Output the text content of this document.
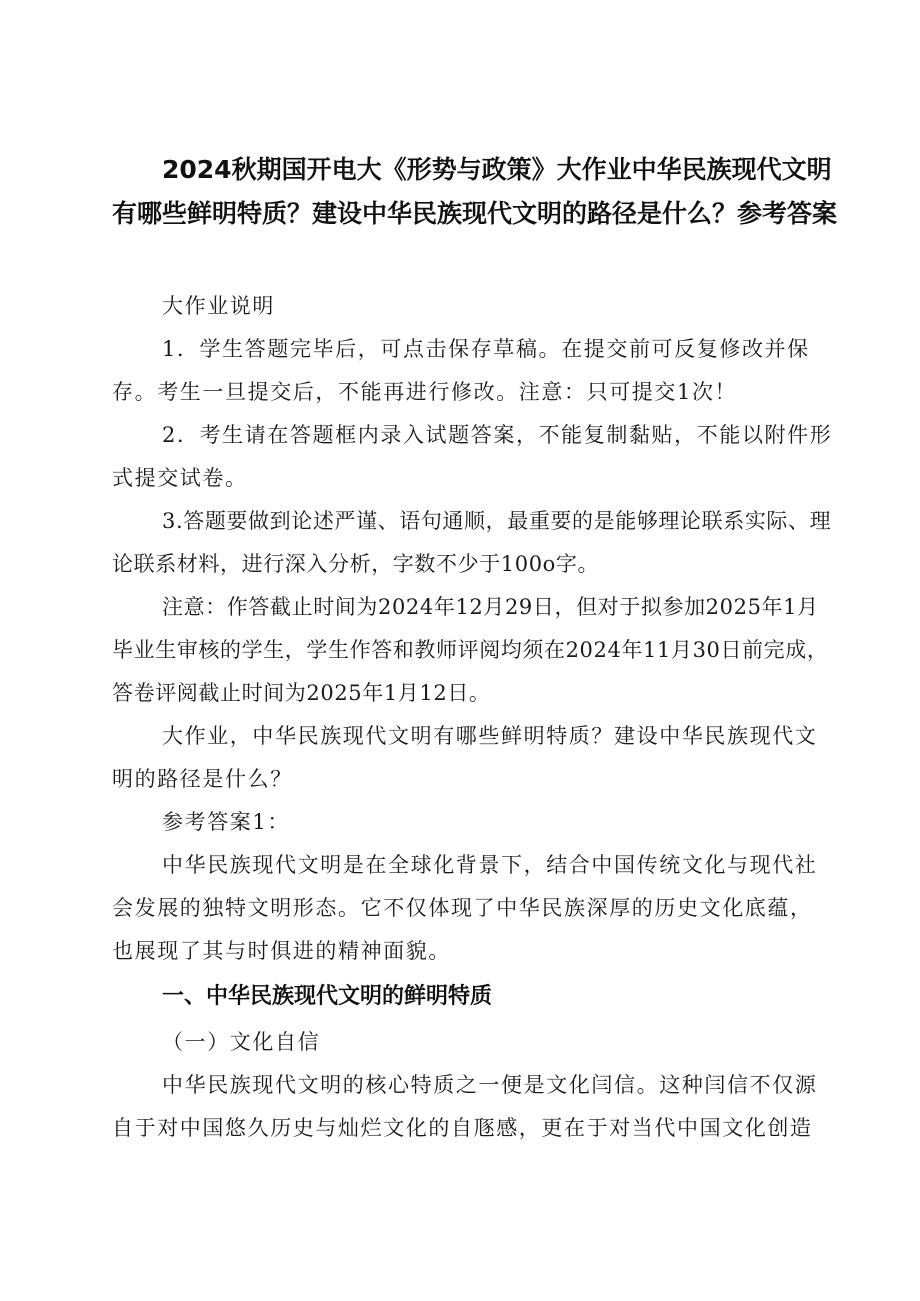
2024秋期国开电大《形势与政策》大作业中华民族现代文明有哪些鲜明特质？建设中华民族现代文明的路径是什么？参考答案

大作业说明

1．学生答题完毕后，可点击保存草稿。在提交前可反复修改并保存。考生一旦提交后，不能再进行修改。注意：只可提交1次！

2．考生请在答题框内录入试题答案，不能复制黏贴，不能以附件形式提交试卷。

3.答题要做到论述严谨、语句通顺，最重要的是能够理论联系实际、理论联系材料，进行深入分析，字数不少于100o字。

注意：作答截止时间为2024年12月29日，但对于拟参加2025年1月毕业生审核的学生，学生作答和教师评阅均须在2024年11月30日前完成，答卷评阅截止时间为2025年1月12日。

大作业，中华民族现代文明有哪些鲜明特质？建设中华民族现代文明的路径是什么？

参考答案1：

中华民族现代文明是在全球化背景下，结合中国传统文化与现代社会发展的独特文明形态。它不仅体现了中华民族深厚的历史文化底蕴，也展现了其与时俱进的精神面貌。

一、中华民族现代文明的鲜明特质

（一）文化自信

中华民族现代文明的核心特质之一便是文化闫信。这种闫信不仅源自于对中国悠久历史与灿烂文化的自豗感，更在于对当代中国文化创造
